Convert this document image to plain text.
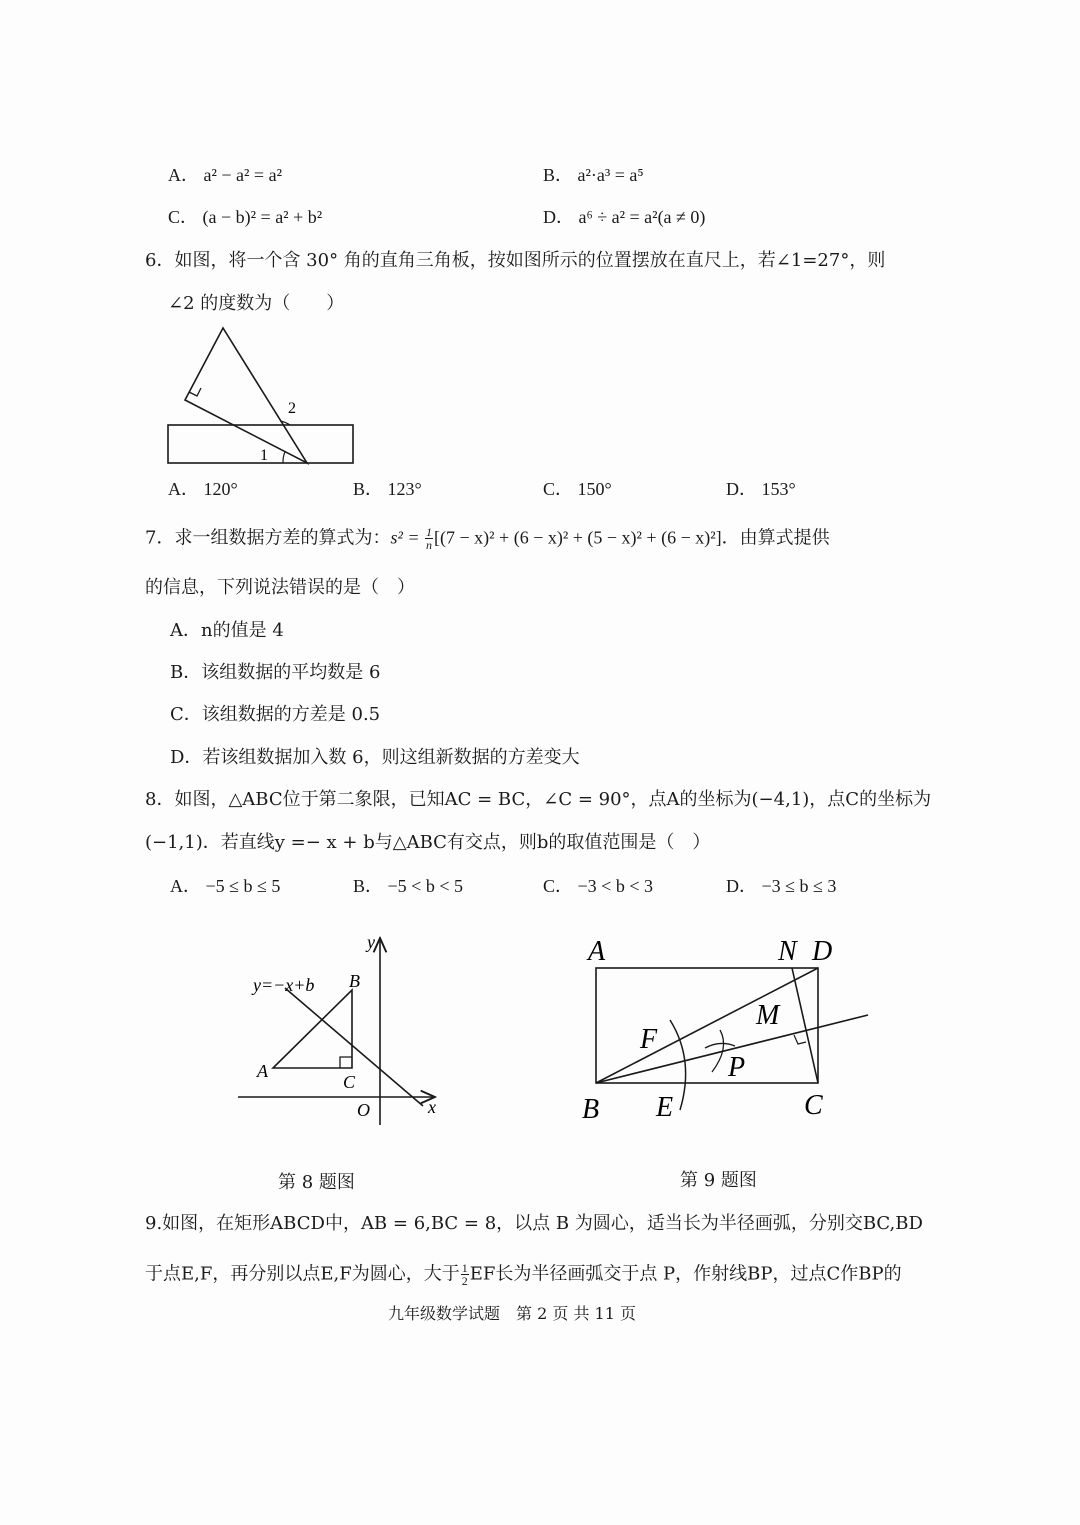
A． a² − a² = a²	B． a²·a³ = a⁵
C． (a − b)² = a² + b²	D． a⁶ ÷ a² = a²(a ≠ 0)
6．如图，将一个含 30° 角的直角三角板，按如图所示的位置摆放在直尺上，若∠1=27°，则
∠2 的度数为（　　）
1
2
A． 120°	B． 123°	C． 150°	D． 153°
7．求一组数据方差的算式为：$s^2 = \frac{1}{n} [(7 - x)^2 + (6 - x)^2 + (5 - x)^2 + (6 - x)^2]$．由算式提供
的信息，下列说法错误的是（　）
A．n的值是 4
B．该组数据的平均数是 6
C．该组数据的方差是 0.5
D．若该组数据加入数 6，则这组新数据的方差变大
8．如图，△ABC位于第二象限，已知AC = BC，∠C = 90°，点A的坐标为(−4,1)，点C的坐标为
(−1,1)．若直线y =− x + b与△ABC有交点，则b的取值范围是（　）
A． −5 ≤ b ≤ 5	B． −5 < b < 5	C． −3 < b < 3	D． −3 ≤ b ≤ 3
y
x
O
A
B
C
y=−x+b
A	N D
M
F
P
B E	C
第 8 题图	第 9 题图
9.如图，在矩形ABCD中，AB = 6,BC = 8，以点 B 为圆心，适当长为半径画弧，分别交BC,BD
于点E,F，再分别以点E,F为圆心，大于 $\frac{1}{2}$ EF长为半径画弧交于点 P，作射线BP，过点C作BP的
九年级数学试题　第 2 页 共 11 页
